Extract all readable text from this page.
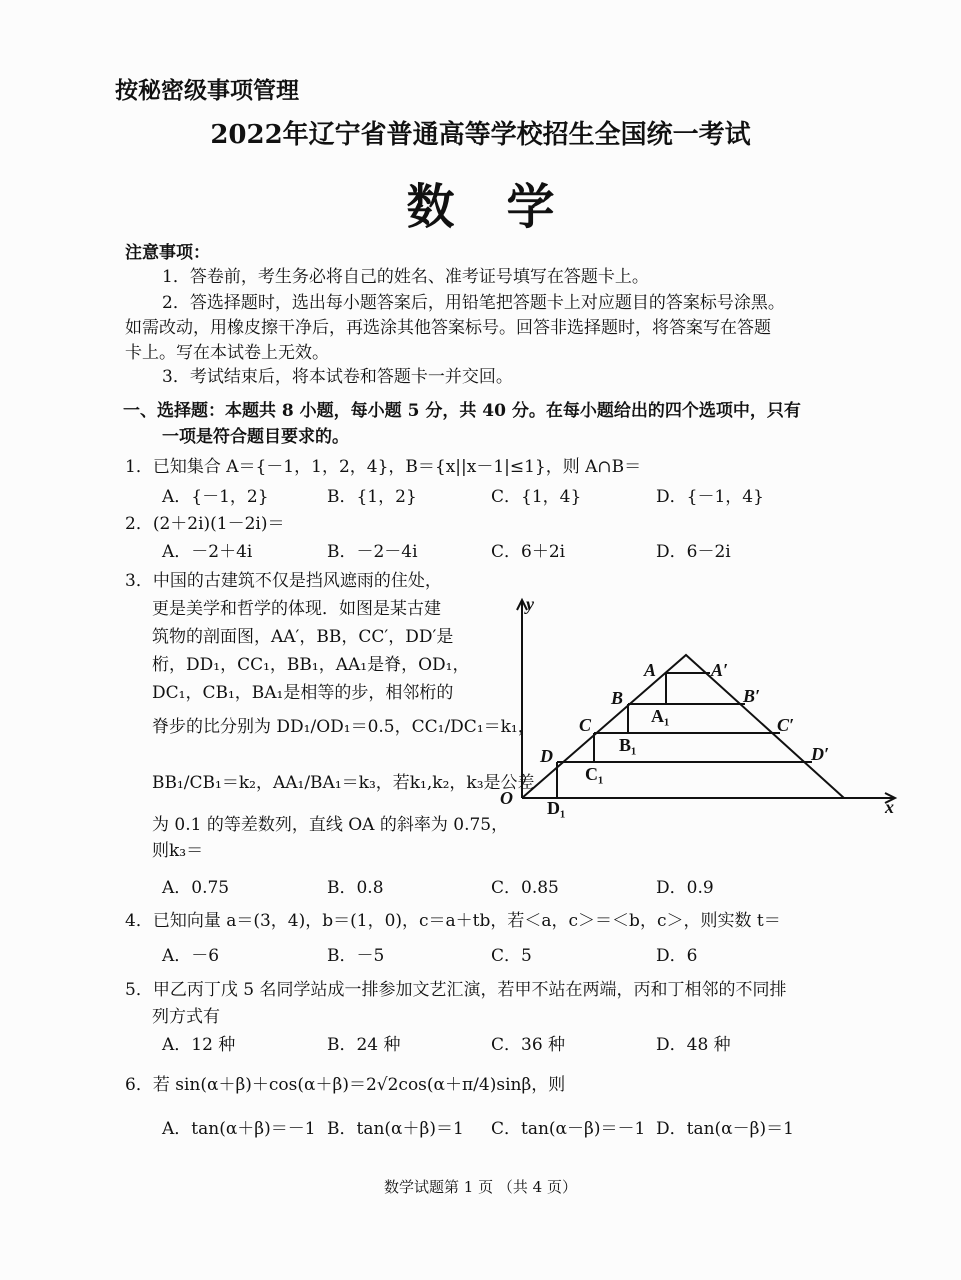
按秘密级事项管理
2022年辽宁省普通高等学校招生全国统一考试
数学
注意事项：
1．答卷前，考生务必将自己的姓名、准考证号填写在答题卡上。
2．答选择题时，选出每小题答案后，用铅笔把答题卡上对应题目的答案标号涂黑。
如需改动，用橡皮擦干净后，再选涂其他答案标号。回答非选择题时，将答案写在答题
卡上。写在本试卷上无效。
3．考试结束后，将本试卷和答题卡一并交回。
一、选择题：本题共 8 小题，每小题 5 分，共 40 分。在每小题给出的四个选项中，只有
一项是符合题目要求的。
1．已知集合 A＝{－1，1，2，4}，B＝{x||x－1|≤1}，则 A∩B＝
A．{－1，2}	B．{1，2}	C．{1，4}	D．{－1，4}
2．(2＋2i)(1－2i)＝
A．－2＋4i	B．－2－4i	C．6＋2i	D．6－2i
3．中国的古建筑不仅是挡风遮雨的住处，
更是美学和哲学的体现．如图是某古建
筑物的剖面图，AA′，BB，CC′，DD′是
桁，DD₁，CC₁，BB₁，AA₁是脊，OD₁，
DC₁，CB₁，BA₁是相等的步，相邻桁的
脊步的比分别为 DD₁/OD₁＝0.5，CC₁/DC₁＝k₁，
BB₁/CB₁＝k₂，AA₁/BA₁＝k₃，若k₁,k₂，k₃是公差
为 0.1 的等差数列，直线 OA 的斜率为 0.75，
则k₃＝
y
x
O
A	A′
B	B′
C	C′
D	D′
A₁
B₁
C₁
D₁
A．0.75	B．0.8	C．0.85	D．0.9
4．已知向量 a＝(3，4)，b＝(1，0)，c＝a＋tb，若＜a，c＞＝＜b，c＞，则实数 t＝
A．－6	B．－5	C．5	D．6
5．甲乙丙丁戊 5 名同学站成一排参加文艺汇演，若甲不站在两端，丙和丁相邻的不同排
列方式有
A．12 种	B．24 种	C．36 种	D．48 种
6．若 sin(α＋β)＋cos(α＋β)＝2√2cos(α＋π/4)sinβ，则
A．tan(α＋β)＝－1 B．tan(α＋β)＝1 C．tan(α－β)＝－1 D．tan(α－β)＝1
数学试题第 1 页 （共 4 页）
